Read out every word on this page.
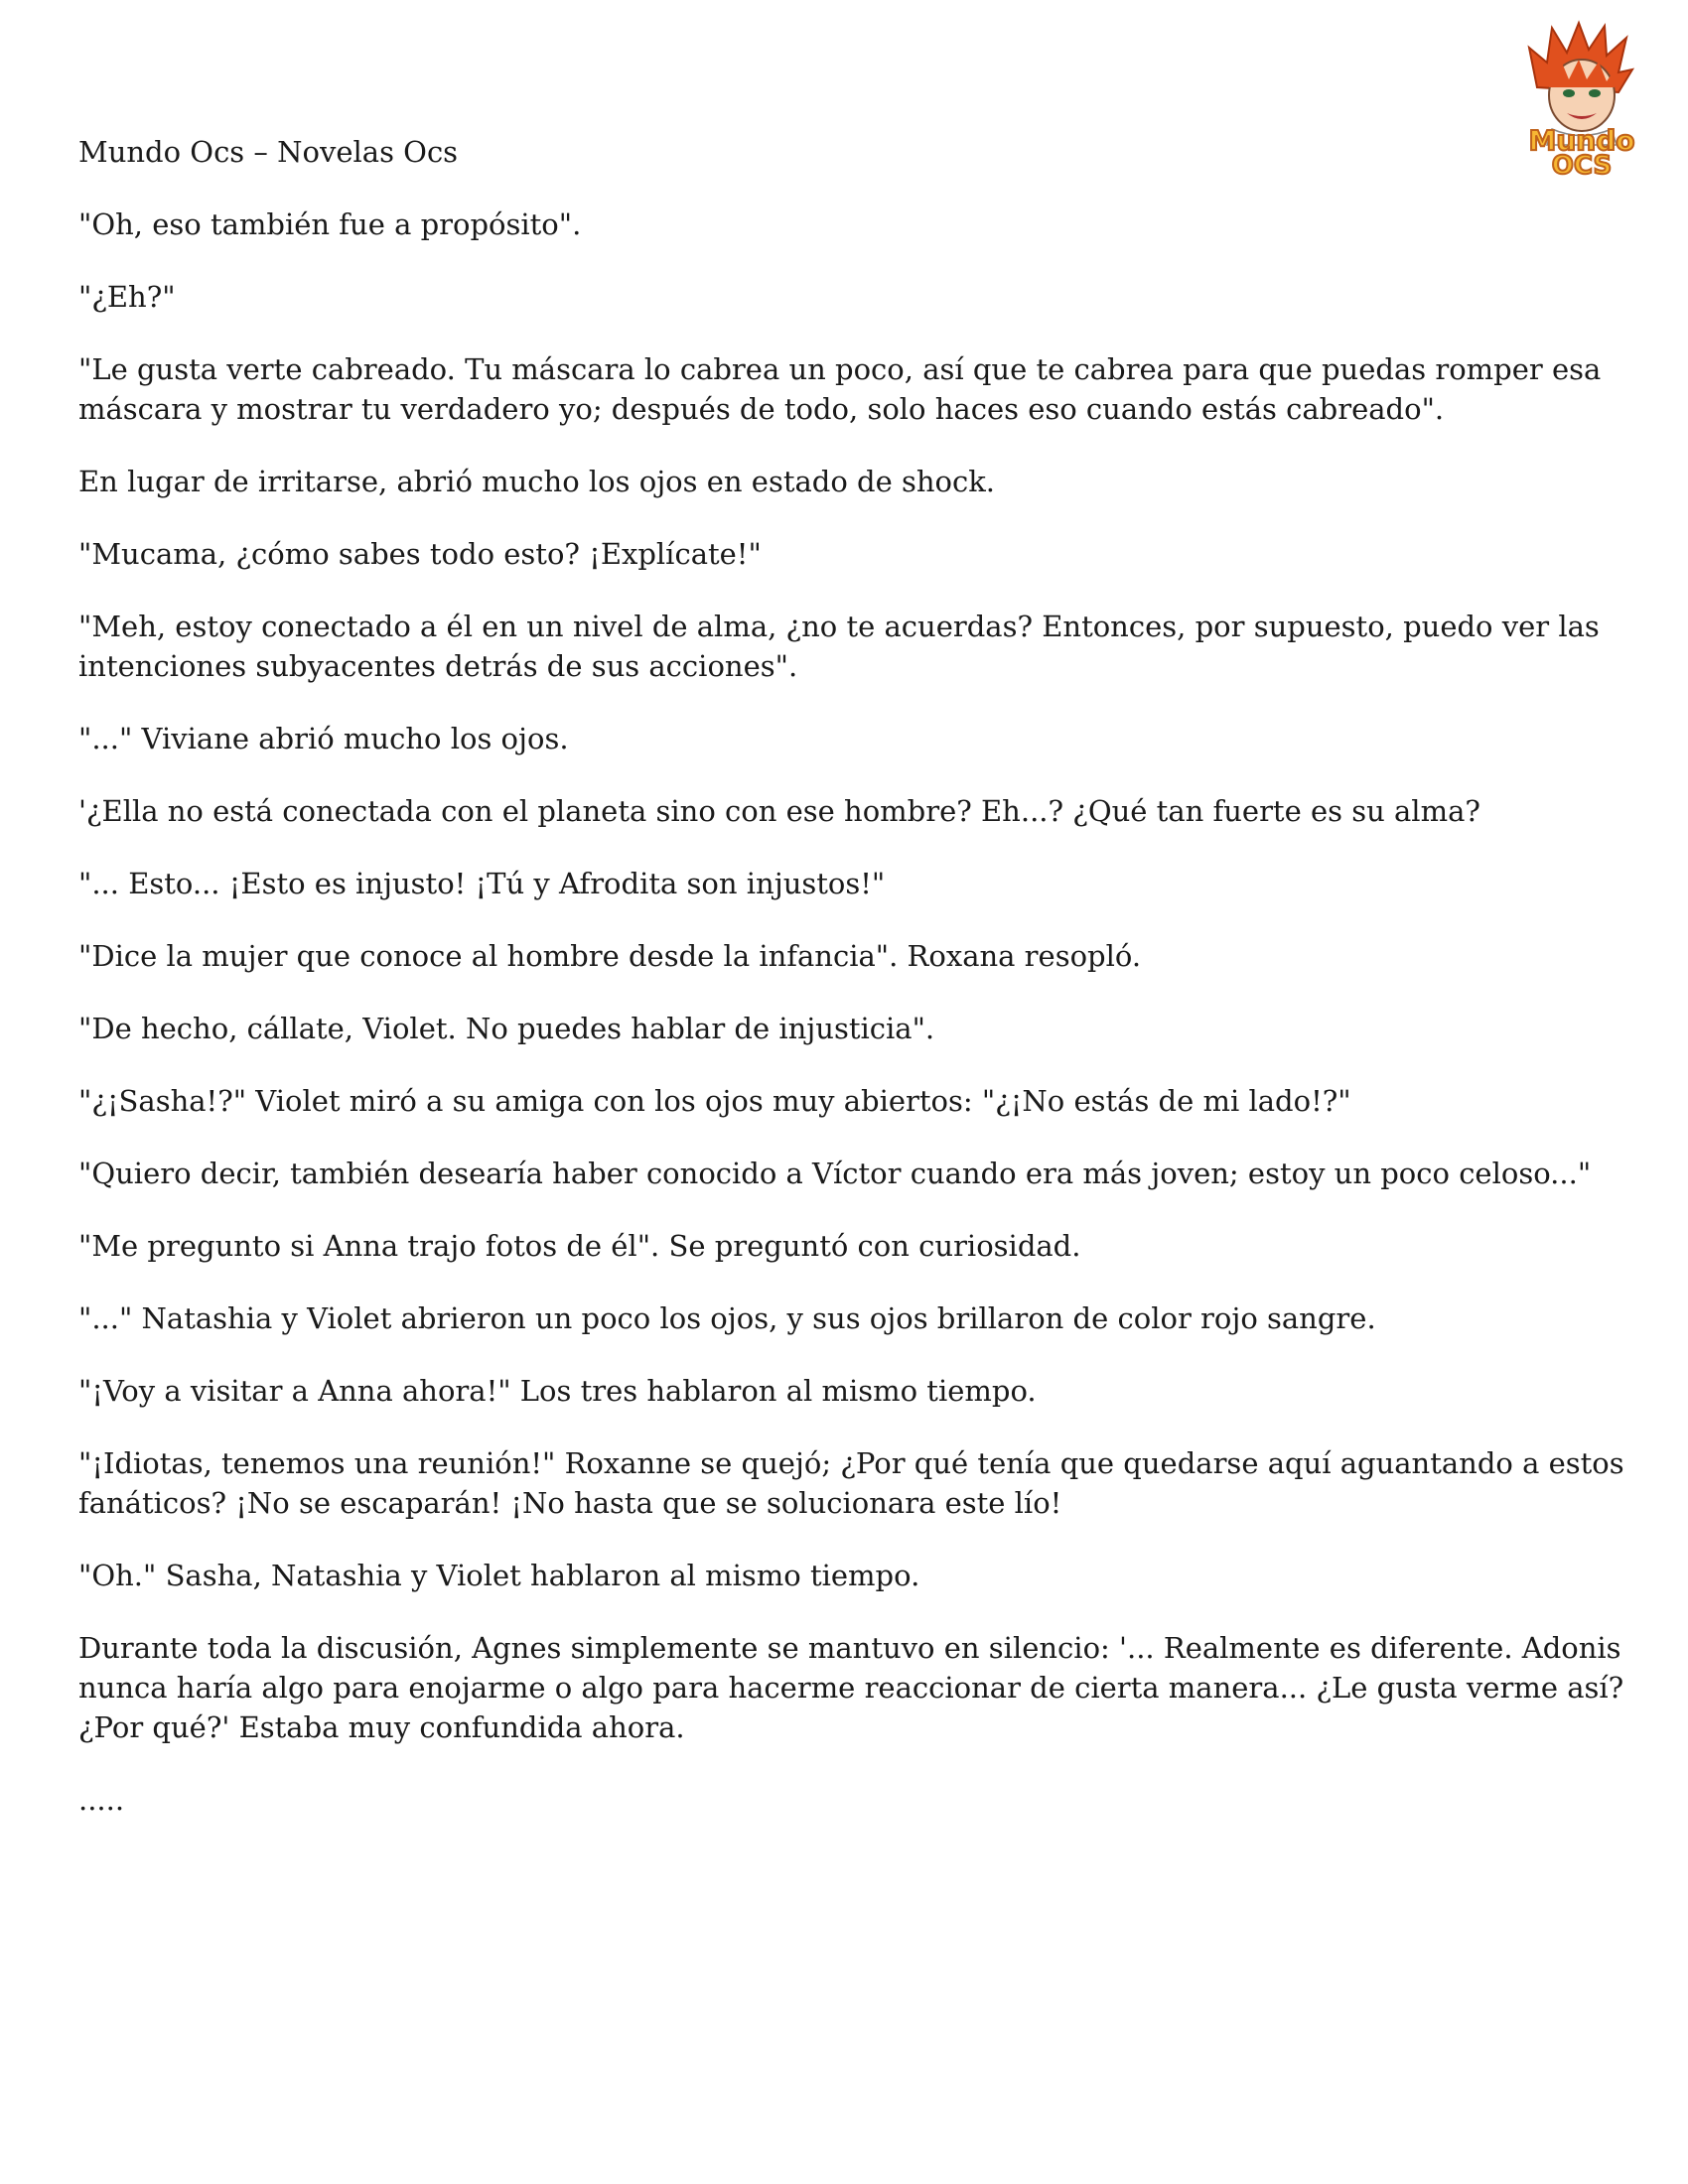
Mundo
OCS
Mundo Ocs – Novelas Ocs

"Oh, eso también fue a propósito".

"¿Eh?"

"Le gusta verte cabreado. Tu máscara lo cabrea un poco, así que te cabrea para que puedas romper esa máscara y mostrar tu verdadero yo; después de todo, solo haces eso cuando estás cabreado".

En lugar de irritarse, abrió mucho los ojos en estado de shock.

"Mucama, ¿cómo sabes todo esto? ¡Explícate!"

"Meh, estoy conectado a él en un nivel de alma, ¿no te acuerdas? Entonces, por supuesto, puedo ver las intenciones subyacentes detrás de sus acciones".

"..." Viviane abrió mucho los ojos.

'¿Ella no está conectada con el planeta sino con ese hombre? Eh...? ¿Qué tan fuerte es su alma?

"... Esto... ¡Esto es injusto! ¡Tú y Afrodita son injustos!"

"Dice la mujer que conoce al hombre desde la infancia". Roxana resopló.

"De hecho, cállate, Violet. No puedes hablar de injusticia".

"¿¡Sasha!?" Violet miró a su amiga con los ojos muy abiertos: "¿¡No estás de mi lado!?"

"Quiero decir, también desearía haber conocido a Víctor cuando era más joven; estoy un poco celoso..."

"Me pregunto si Anna trajo fotos de él". Se preguntó con curiosidad.

"..." Natashia y Violet abrieron un poco los ojos, y sus ojos brillaron de color rojo sangre.

"¡Voy a visitar a Anna ahora!" Los tres hablaron al mismo tiempo.

"¡Idiotas, tenemos una reunión!" Roxanne se quejó; ¿Por qué tenía que quedarse aquí aguantando a estos fanáticos? ¡No se escaparán! ¡No hasta que se solucionara este lío!

"Oh." Sasha, Natashia y Violet hablaron al mismo tiempo.

Durante toda la discusión, Agnes simplemente se mantuvo en silencio: '... Realmente es diferente. Adonis nunca haría algo para enojarme o algo para hacerme reaccionar de cierta manera... ¿Le gusta verme así? ¿Por qué?' Estaba muy confundida ahora.

.....
